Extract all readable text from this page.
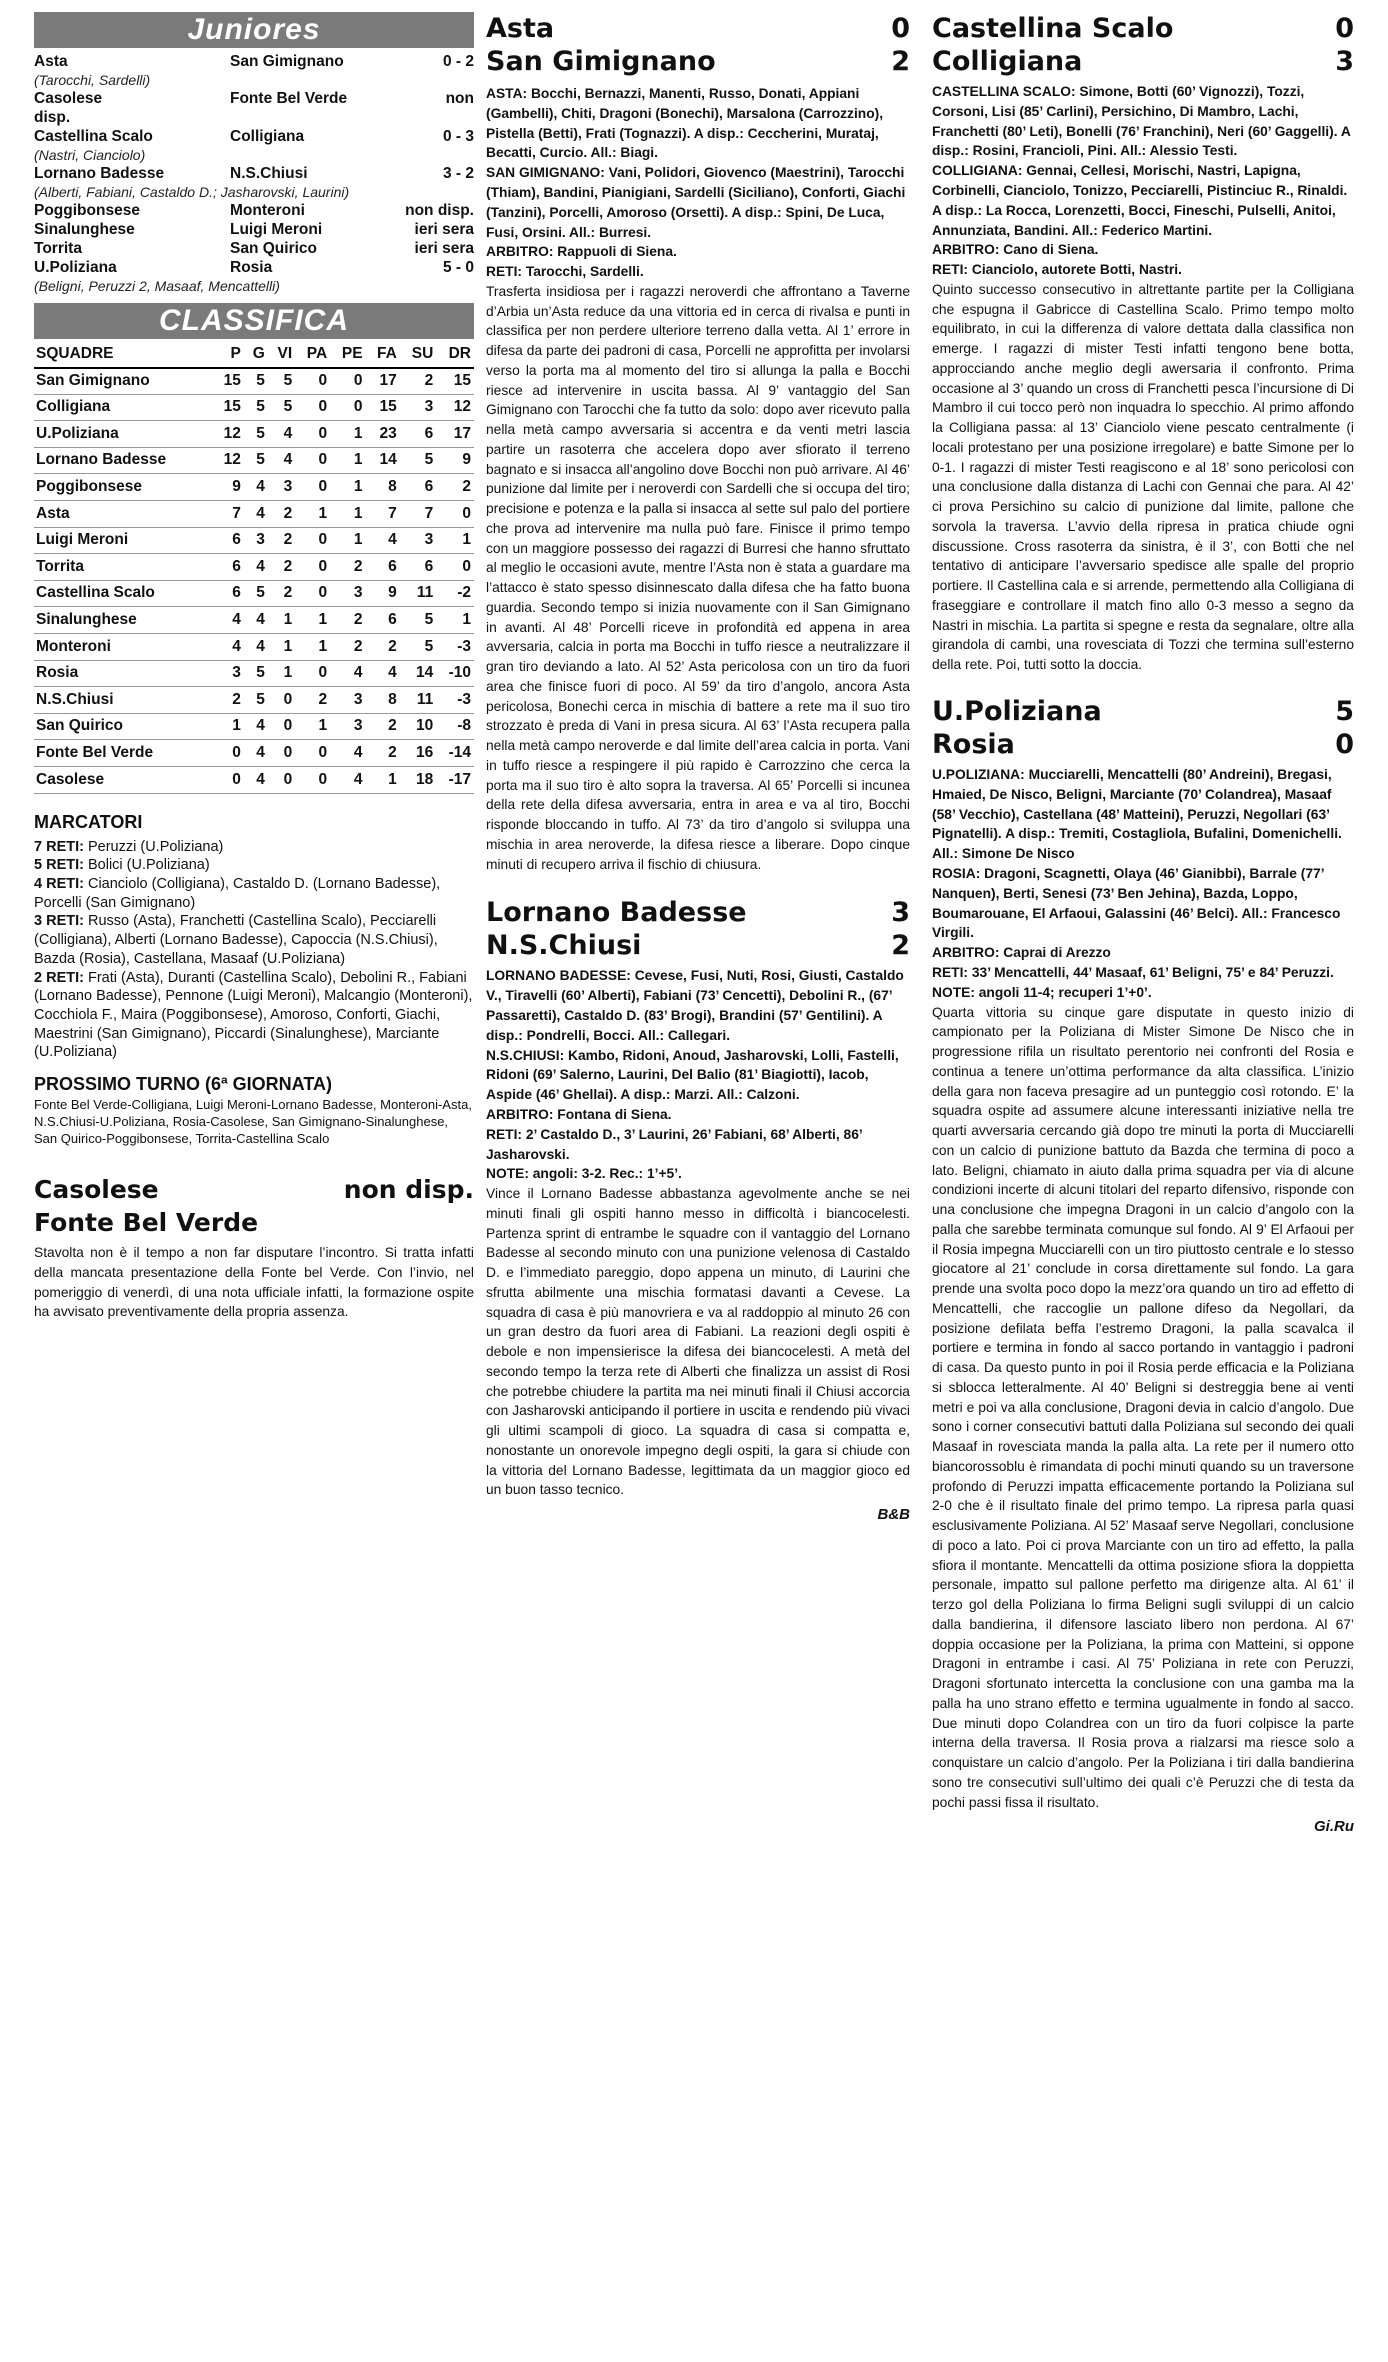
Juniores
Asta	San Gimignano	0 - 2
(Tarocchi, Sardelli)
Casolese	Fonte Bel Verde	non
disp.
Castellina Scalo	Colligiana	0 - 3
(Nastri, Cianciolo)
Lornano Badesse	N.S.Chiusi	3 - 2
(Alberti, Fabiani, Castaldo D.; Jasharovski, Laurini)
Poggibonsese	Monteroni	non disp.
Sinalunghese	Luigi Meroni	ieri sera
Torrita	San Quirico	ieri sera
U.Poliziana	Rosia	5 - 0
(Beligni, Peruzzi 2, Masaaf, Mencattelli)
CLASSIFICA
SQUADRE	P	G	VI	PA	PE	FA	SU	DR
San Gimignano	15	5	5	0	0	17	2	15
Colligiana	15	5	5	0	0	15	3	12
U.Poliziana	12	5	4	0	1	23	6	17
Lornano Badesse	12	5	4	0	1	14	5	9
Poggibonsese	9	4	3	0	1	8	6	2
Asta	7	4	2	1	1	7	7	0
Luigi Meroni	6	3	2	0	1	4	3	1
Torrita	6	4	2	0	2	6	6	0
Castellina Scalo	6	5	2	0	3	9	11	-2
Sinalunghese	4	4	1	1	2	6	5	1
Monteroni	4	4	1	1	2	2	5	-3
Rosia	3	5	1	0	4	4	14	-10
N.S.Chiusi	2	5	0	2	3	8	11	-3
San Quirico	1	4	0	1	3	2	10	-8
Fonte Bel Verde	0	4	0	0	4	2	16	-14
Casolese	0	4	0	0	4	1	18	-17
MARCATORI
7 RETI: Peruzzi (U.Poliziana)
5 RETI: Bolici (U.Poliziana)
4 RETI: Cianciolo (Colligiana), Castaldo D. (Lornano Badesse), Porcelli (San Gimignano)
3 RETI: Russo (Asta), Franchetti (Castellina Scalo), Pecciarelli (Colligiana), Alberti (Lornano Badesse), Capoccia (N.S.Chiusi), Bazda (Rosia), Castellana, Masaaf (U.Poliziana)
2 RETI: Frati (Asta), Duranti (Castellina Scalo), Debolini R., Fabiani (Lornano Badesse), Pennone (Luigi Meroni), Malcangio (Monteroni), Cocchiola F., Maira (Poggibonsese), Amoroso, Conforti, Giachi, Maestrini (San Gimignano), Piccardi (Sinalunghese), Marciante (U.Poliziana)
PROSSIMO TURNO (6ª GIORNATA)
Fonte Bel Verde-Colligiana, Luigi Meroni-Lornano Badesse, Monteroni-Asta, N.S.Chiusi-U.Poliziana, Rosia-Casolese, San Gimignano-Sinalunghese, San Quirico-Poggibonsese, Torrita-Castellina Scalo
Casolese	non disp.
Fonte Bel Verde
Stavolta non è il tempo a non far disputare l’incontro. Si tratta infatti della mancata presentazione della Fonte bel Verde. Con l’invio, nel pomeriggio di venerdì, di una nota ufficiale infatti, la formazione ospite ha avvisato preventivamente della propria assenza.
Asta	0
San Gimignano	2
ASTA: Bocchi, Bernazzi, Manenti, Russo, Donati, Appiani (Gambelli), Chiti, Dragoni (Bonechi), Marsalona (Carrozzino), Pistella (Betti), Frati (Tognazzi). A disp.: Ceccherini, Murataj, Becatti, Curcio. All.: Biagi.
SAN GIMIGNANO: Vani, Polidori, Giovenco (Maestrini), Tarocchi (Thiam), Bandini, Pianigiani, Sardelli (Siciliano), Conforti, Giachi (Tanzini), Porcelli, Amoroso (Orsetti). A disp.: Spini, De Luca, Fusi, Orsini. All.: Burresi.
ARBITRO: Rappuoli di Siena.
RETI: Tarocchi, Sardelli.
Trasferta insidiosa per i ragazzi neroverdi che affrontano a Taverne d’Arbia un’Asta reduce da una vittoria ed in cerca di rivalsa e punti in classifica per non perdere ulteriore terreno dalla vetta. Al 1’ errore in difesa da parte dei padroni di casa, Porcelli ne approfitta per involarsi verso la porta ma al momento del tiro si allunga la palla e Bocchi riesce ad intervenire in uscita bassa. Al 9’ vantaggio del San Gimignano con Tarocchi che fa tutto da solo: dopo aver ricevuto palla nella metà campo avversaria si accentra e da venti metri lascia partire un rasoterra che accelera dopo aver sfiorato il terreno bagnato e si insacca all’angolino dove Bocchi non può arrivare. Al 46’ punizione dal limite per i neroverdi con Sardelli che si occupa del tiro; precisione e potenza e la palla si insacca al sette sul palo del portiere che prova ad intervenire ma nulla può fare. Finisce il primo tempo con un maggiore possesso dei ragazzi di Burresi che hanno sfruttato al meglio le occasioni avute, mentre l’Asta non è stata a guardare ma l’attacco è stato spesso disinnescato dalla difesa che ha fatto buona guardia. Secondo tempo si inizia nuovamente con il San Gimignano in avanti. Al 48’ Porcelli riceve in profondità ed appena in area avversaria, calcia in porta ma Bocchi in tuffo riesce a neutralizzare il gran tiro deviando a lato. Al 52’ Asta pericolosa con un tiro da fuori area che finisce fuori di poco. Al 59’ da tiro d’angolo, ancora Asta pericolosa, Bonechi cerca in mischia di battere a rete ma il suo tiro strozzato è preda di Vani in presa sicura. Al 63’ l’Asta recupera palla nella metà campo neroverde e dal limite dell’area calcia in porta. Vani in tuffo riesce a respingere il più rapido è Carrozzino che cerca la porta ma il suo tiro è alto sopra la traversa. Al 65’ Porcelli si incunea della rete della difesa avversaria, entra in area e va al tiro, Bocchi risponde bloccando in tuffo. Al 73’ da tiro d’angolo si sviluppa una mischia in area neroverde, la difesa riesce a liberare. Dopo cinque minuti di recupero arriva il fischio di chiusura.
Lornano Badesse	3
N.S.Chiusi	2
LORNANO BADESSE: Cevese, Fusi, Nuti, Rosi, Giusti, Castaldo V., Tiravelli (60’ Alberti), Fabiani (73’ Cencetti), Debolini R., (67’ Passaretti), Castaldo D. (83’ Brogi), Brandini (57’ Gentilini). A disp.: Pondrelli, Bocci. All.: Callegari.
N.S.CHIUSI: Kambo, Ridoni, Anoud, Jasharovski, Lolli, Fastelli, Ridoni (69’ Salerno, Laurini, Del Balio (81’ Biagiotti), Iacob, Aspide (46’ Ghellai). A disp.: Marzi. All.: Calzoni.
ARBITRO: Fontana di Siena.
RETI: 2’ Castaldo D., 3’ Laurini, 26’ Fabiani, 68’ Alberti, 86’ Jasharovski.
NOTE: angoli: 3-2. Rec.: 1’+5’.
Vince il Lornano Badesse abbastanza agevolmente anche se nei minuti finali gli ospiti hanno messo in difficoltà i biancocelesti. Partenza sprint di entrambe le squadre con il vantaggio del Lornano Badesse al secondo minuto con una punizione velenosa di Castaldo D. e l’immediato pareggio, dopo appena un minuto, di Laurini che sfrutta abilmente una mischia formatasi davanti a Cevese. La squadra di casa è più manovriera e va al raddoppio al minuto 26 con un gran destro da fuori area di Fabiani. La reazioni degli ospiti è debole e non impensierisce la difesa dei biancocelesti. A metà del secondo tempo la terza rete di Alberti che finalizza un assist di Rosi che potrebbe chiudere la partita ma nei minuti finali il Chiusi accorcia con Jasharovski anticipando il portiere in uscita e rendendo più vivaci gli ultimi scampoli di gioco. La squadra di casa si compatta e, nonostante un onorevole impegno degli ospiti, la gara si chiude con la vittoria del Lornano Badesse, legittimata da un maggior gioco ed un buon tasso tecnico.
B&B
Castellina Scalo	0
Colligiana	3
CASTELLINA SCALO: Simone, Botti (60’ Vignozzi), Tozzi, Corsoni, Lisi (85’ Carlini), Persichino, Di Mambro, Lachi, Franchetti (80’ Leti), Bonelli (76’ Franchini), Neri (60’ Gaggelli). A disp.: Rosini, Francioli, Pini. All.: Alessio Testi.
COLLIGIANA: Gennai, Cellesi, Morischi, Nastri, Lapigna, Corbinelli, Cianciolo, Tonizzo, Pecciarelli, Pistinciuc R., Rinaldi. A disp.: La Rocca, Lorenzetti, Bocci, Fineschi, Pulselli, Anitoi, Annunziata, Bandini. All.: Federico Martini.
ARBITRO: Cano di Siena.
RETI: Cianciolo, autorete Botti, Nastri.
Quinto successo consecutivo in altrettante partite per la Colligiana che espugna il Gabricce di Castellina Scalo. Primo tempo molto equilibrato, in cui la differenza di valore dettata dalla classifica non emerge. I ragazzi di mister Testi infatti tengono bene botta, approcciando anche meglio degli awersaria il confronto. Prima occasione al 3’ quando un cross di Franchetti pesca l’incursione di Di Mambro il cui tocco però non inquadra lo specchio. Al primo affondo la Colligiana passa: al 13’ Cianciolo viene pescato centralmente (i locali protestano per una posizione irregolare) e batte Simone per lo 0-1. I ragazzi di mister Testi reagiscono e al 18’ sono pericolosi con una conclusione dalla distanza di Lachi con Gennai che para. Al 42’ ci prova Persichino su calcio di punizione dal limite, pallone che sorvola la traversa. L’avvio della ripresa in pratica chiude ogni discussione. Cross rasoterra da sinistra, è il 3’, con Botti che nel tentativo di anticipare l’avversario spedisce alle spalle del proprio portiere. Il Castellina cala e si arrende, permettendo alla Colligiana di fraseggiare e controllare il match fino allo 0-3 messo a segno da Nastri in mischia. La partita si spegne e resta da segnalare, oltre alla girandola di cambi, una rovesciata di Tozzi che termina sull’esterno della rete. Poi, tutti sotto la doccia.
U.Poliziana	5
Rosia	0
U.POLIZIANA: Mucciarelli, Mencattelli (80’ Andreini), Bregasi, Hmaied, De Nisco, Beligni, Marciante (70’ Colandrea), Masaaf (58’ Vecchio), Castellana (48’ Matteini), Peruzzi, Negollari (63’ Pignatelli). A disp.: Tremiti, Costagliola, Bufalini, Domenichelli. All.: Simone De Nisco
ROSIA: Dragoni, Scagnetti, Olaya (46’ Gianibbi), Barrale (77’ Nanquen), Berti, Senesi (73’ Ben Jehina), Bazda, Loppo, Boumarouane, El Arfaoui, Galassini (46’ Belci). All.: Francesco Virgili.
ARBITRO: Caprai di Arezzo
RETI: 33’ Mencattelli, 44’ Masaaf, 61’ Beligni, 75’ e 84’ Peruzzi.
NOTE: angoli 11-4; recuperi 1’+0’.
Quarta vittoria su cinque gare disputate in questo inizio di campionato per la Poliziana di Mister Simone De Nisco che in progressione rifila un risultato perentorio nei confronti del Rosia e continua a tenere un’ottima performance da alta classifica. L’inizio della gara non faceva presagire ad un punteggio così rotondo. E’ la squadra ospite ad assumere alcune interessanti iniziative nella tre quarti avversaria cercando già dopo tre minuti la porta di Mucciarelli con un calcio di punizione battuto da Bazda che termina di poco a lato. Beligni, chiamato in aiuto dalla prima squadra per via di alcune condizioni incerte di alcuni titolari del reparto difensivo, risponde con una conclusione che impegna Dragoni in un calcio d’angolo con la palla che sarebbe terminata comunque sul fondo. Al 9’ El Arfaoui per il Rosia impegna Mucciarelli con un tiro piuttosto centrale e lo stesso giocatore al 21’ conclude in corsa direttamente sul fondo. La gara prende una svolta poco dopo la mezz’ora quando un tiro ad effetto di Mencattelli, che raccoglie un pallone difeso da Negollari, da posizione defilata beffa l’estremo Dragoni, la palla scavalca il portiere e termina in fondo al sacco portando in vantaggio i padroni di casa. Da questo punto in poi il Rosia perde efficacia e la Poliziana si sblocca letteralmente. Al 40’ Beligni si destreggia bene ai venti metri e poi va alla conclusione, Dragoni devia in calcio d’angolo. Due sono i corner consecutivi battuti dalla Poliziana sul secondo dei quali Masaaf in rovesciata manda la palla alta. La rete per il numero otto biancorossoblu è rimandata di pochi minuti quando su un traversone profondo di Peruzzi impatta efficacemente portando la Poliziana sul 2-0 che è il risultato finale del primo tempo. La ripresa parla quasi esclusivamente Poliziana. Al 52’ Masaaf serve Negollari, conclusione di poco a lato. Poi ci prova Marciante con un tiro ad effetto, la palla sfiora il montante. Mencattelli da ottima posizione sfiora la doppietta personale, impatto sul pallone perfetto ma dirigenze alta. Al 61’ il terzo gol della Poliziana lo firma Beligni sugli sviluppi di un calcio dalla bandierina, il difensore lasciato libero non perdona. Al 67’ doppia occasione per la Poliziana, la prima con Matteini, si oppone Dragoni in entrambe i casi. Al 75’ Poliziana in rete con Peruzzi, Dragoni sfortunato intercetta la conclusione con una gamba ma la palla ha uno strano effetto e termina ugualmente in fondo al sacco. Due minuti dopo Colandrea con un tiro da fuori colpisce la parte interna della traversa. Il Rosia prova a rialzarsi ma riesce solo a conquistare un calcio d’angolo. Per la Poliziana i tiri dalla bandierina sono tre consecutivi sull’ultimo dei quali c’è Peruzzi che di testa da pochi passi fissa il risultato.
Gi.Ru
